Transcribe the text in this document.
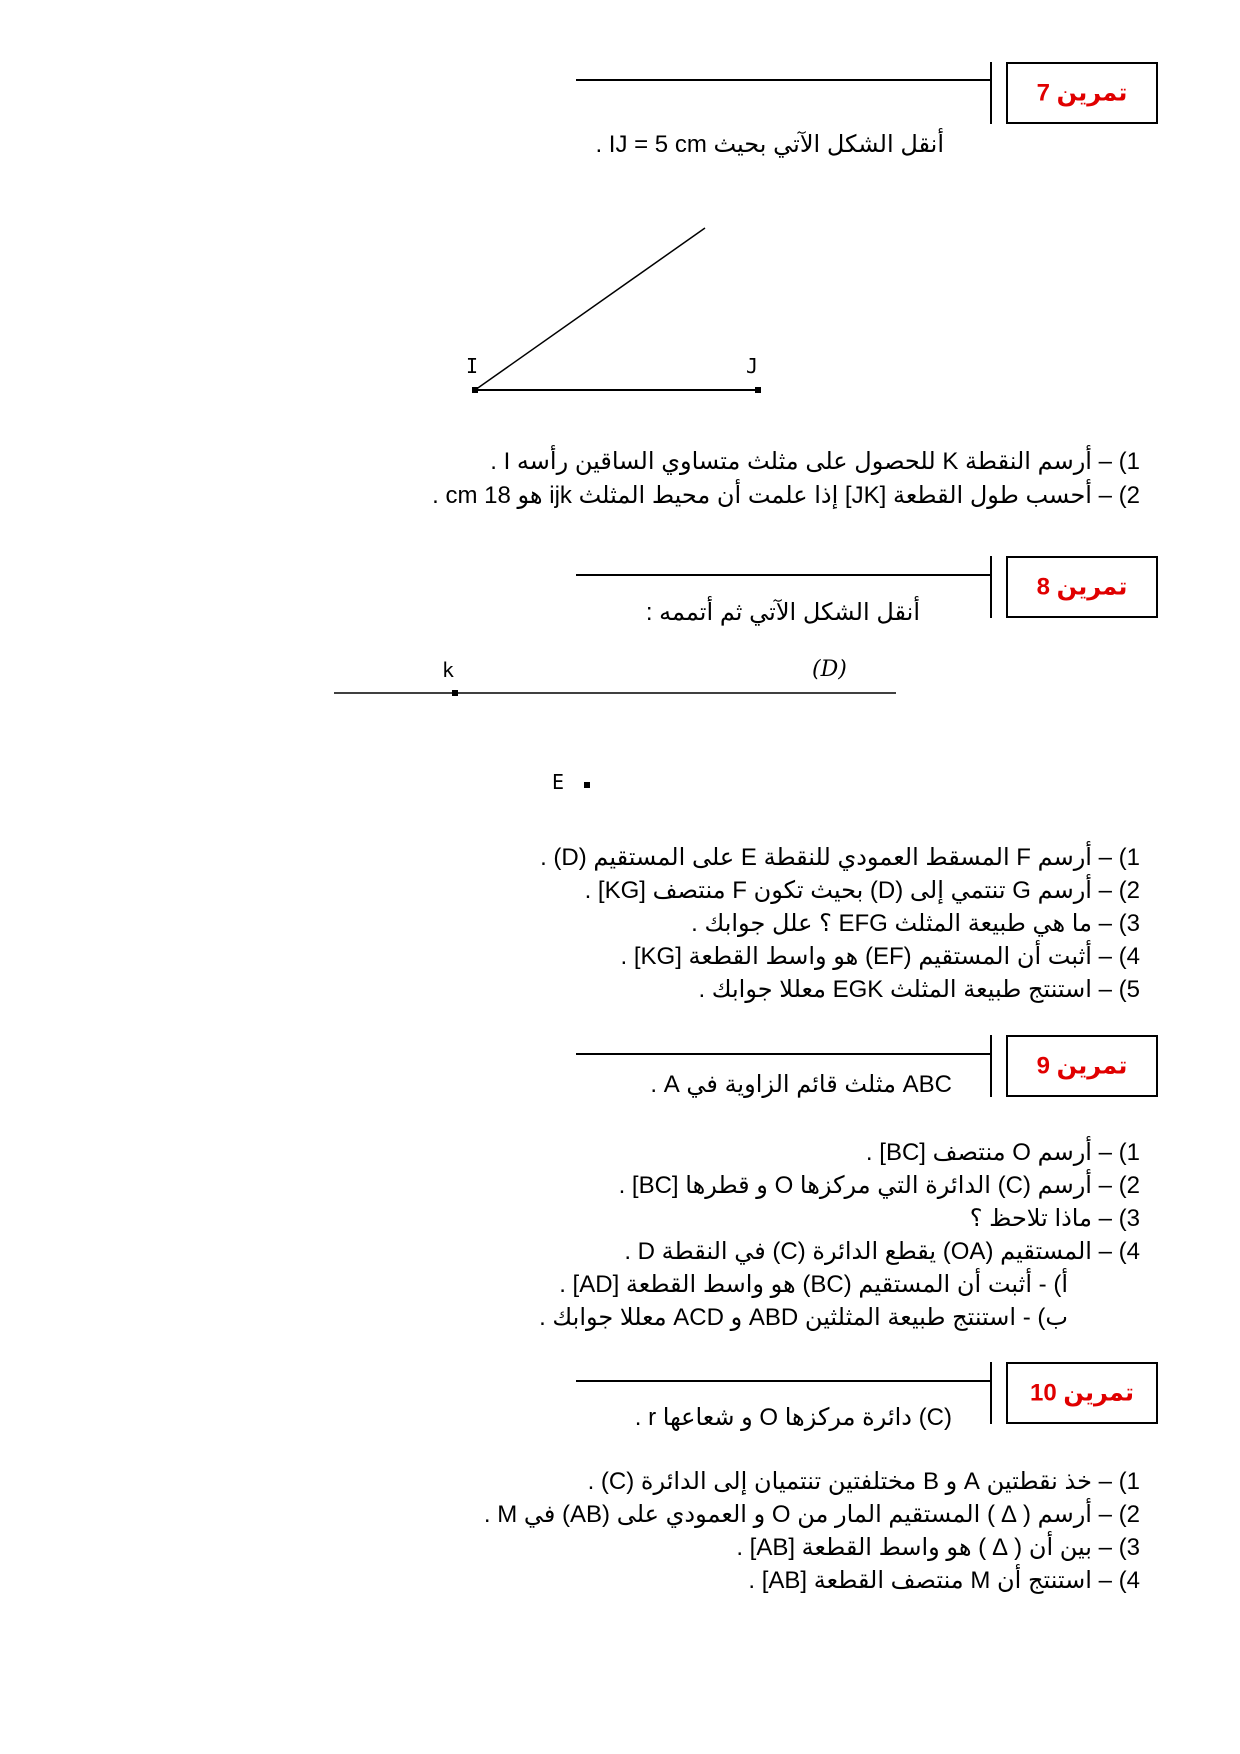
تمرين 7
أنقل الشكل الآتي بحيث IJ = 5 cm .
I	J
1) – أرسم النقطة K للحصول على مثلث متساوي الساقين رأسه I .
2) – أحسب طول القطعة [JK] إذا علمت أن محيط المثلث ijk هو 18 cm .
تمرين 8
أنقل الشكل الآتي ثم أتممه :
k	(D)
E
1) – أرسم F المسقط العمودي للنقطة E على المستقيم (D) .
2) – أرسم G تنتمي إلى (D) بحيث تكون F منتصف [KG] .
3) – ما هي طبيعة المثلث EFG ؟ علل جوابك .
4) – أثبت أن المستقيم (EF) هو واسط القطعة [KG] .
5) – استنتج طبيعة المثلث EGK معللا جوابك .
تمرين 9
ABC مثلث قائم الزاوية في A .
1) – أرسم O منتصف [BC] .
2) – أرسم (C) الدائرة التي مركزها O و قطرها [BC] .
3) – ماذا تلاحظ ؟
4) – المستقيم (OA) يقطع الدائرة (C) في النقطة D .
أ) - أثبت أن المستقيم (BC) هو واسط القطعة [AD] .
ب) - استنتج طبيعة المثلثين ABD و ACD معللا جوابك .
تمرين 10
(C) دائرة مركزها O و شعاعها r .
1) – خذ نقطتين A و B مختلفتين تنتميان إلى الدائرة (C) .
2) – أرسم ( ∆ ) المستقيم المار من O و العمودي على (AB) في M .
3) – بين أن ( ∆ ) هو واسط القطعة [AB] .
4) – استنتج أن M منتصف القطعة [AB] .
